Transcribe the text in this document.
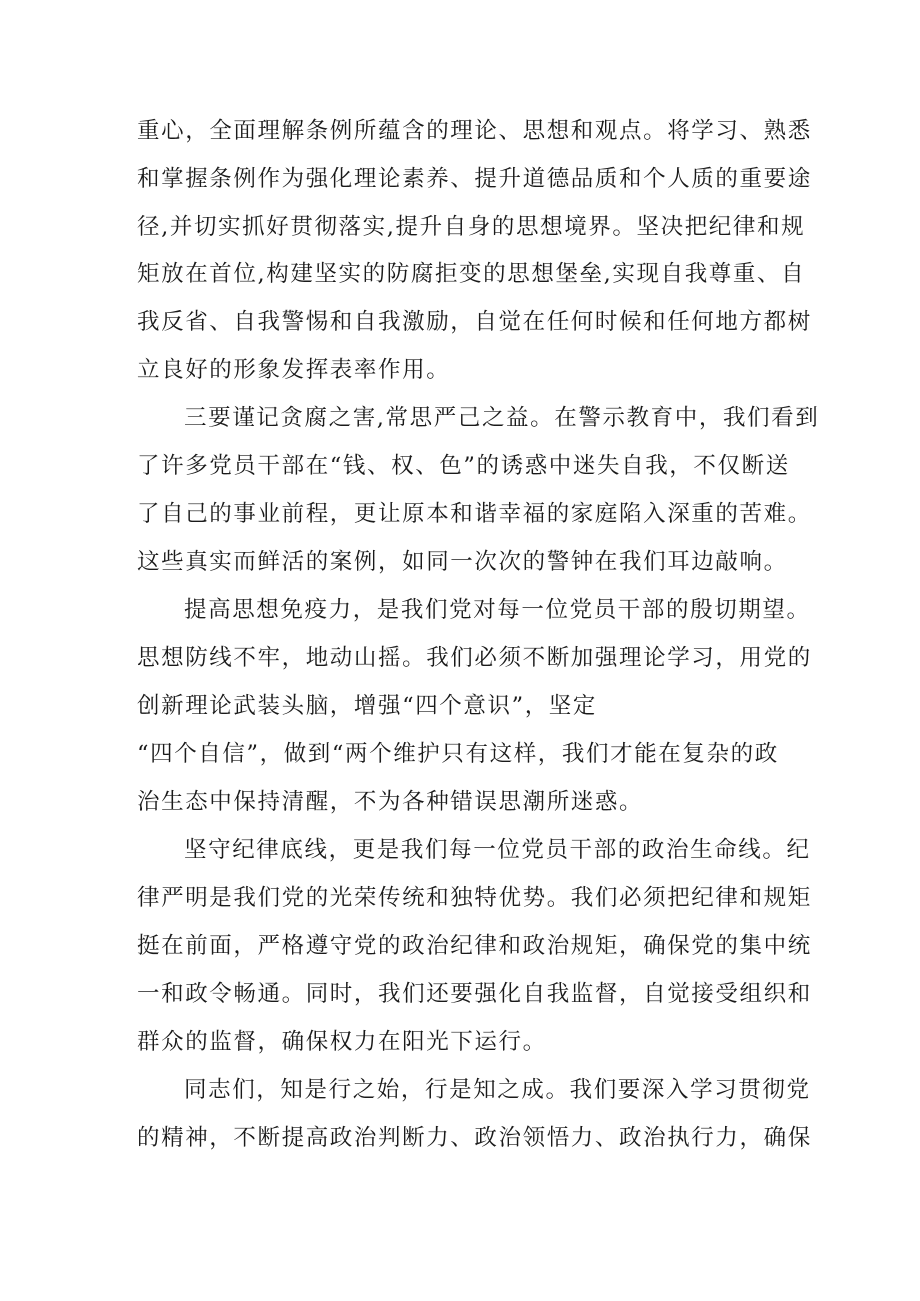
重心，全面理解条例所蕴含的理论、思想和观点。将学习、熟悉

和掌握条例作为强化理论素养、提升道德品质和个人质的重要途

径,并切实抓好贯彻落实,提升自身的思想境界。坚决把纪律和规

矩放在首位,构建坚实的防腐拒变的思想堡垒,实现自我尊重、自

我反省、自我警惕和自我激励，自觉在任何时候和任何地方都树

立良好的形象发挥表率作用。

三要谨记贪腐之害,常思严己之益。在警示教育中，我们看到

了许多党员干部在“钱、权、色”的诱惑中迷失自我，不仅断送

了自己的事业前程，更让原本和谐幸福的家庭陷入深重的苦难。

这些真实而鲜活的案例，如同一次次的警钟在我们耳边敲响。

提高思想免疫力，是我们党对每一位党员干部的殷切期望。

思想防线不牢，地动山摇。我们必须不断加强理论学习，用党的

创新理论武装头脑，增强“四个意识”，坚定

“四个自信”，做到“两个维护只有这样，我们才能在复杂的政

治生态中保持清醒，不为各种错误思潮所迷惑。

坚守纪律底线，更是我们每一位党员干部的政治生命线。纪

律严明是我们党的光荣传统和独特优势。我们必须把纪律和规矩

挺在前面，严格遵守党的政治纪律和政治规矩，确保党的集中统

一和政令畅通。同时，我们还要强化自我监督，自觉接受组织和

群众的监督，确保权力在阳光下运行。

同志们，知是行之始，行是知之成。我们要深入学习贯彻党

的精神，不断提高政治判断力、政治领悟力、政治执行力，确保
